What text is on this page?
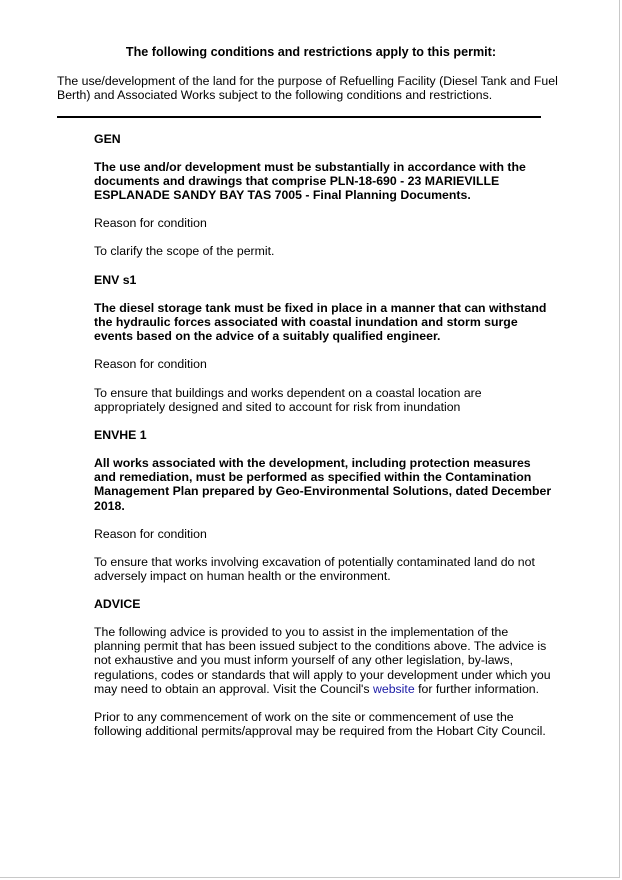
The following conditions and restrictions apply to this permit:
The use/development of the land for the purpose of Refuelling Facility (Diesel Tank and Fuel Berth) and Associated Works subject to the following conditions and restrictions.
GEN
The use and/or development must be substantially in accordance with the documents and drawings that comprise PLN-18-690 - 23 MARIEVILLE ESPLANADE SANDY BAY TAS 7005 - Final Planning Documents.
Reason for condition
To clarify the scope of the permit.
ENV s1
The diesel storage tank must be fixed in place in a manner that can withstand the hydraulic forces associated with coastal inundation and storm surge events based on the advice of a suitably qualified engineer.
Reason for condition
To ensure that buildings and works dependent on a coastal location are appropriately designed and sited to account for risk from inundation
ENVHE 1
All works associated with the development, including protection measures and remediation, must be performed as specified within the Contamination Management Plan prepared by Geo-Environmental Solutions, dated December 2018.
Reason for condition
To ensure that works involving excavation of potentially contaminated land do not adversely impact on human health or the environment.
ADVICE
The following advice is provided to you to assist in the implementation of the planning permit that has been issued subject to the conditions above. The advice is not exhaustive and you must inform yourself of any other legislation, by-laws, regulations, codes or standards that will apply to your development under which you may need to obtain an approval. Visit the Council's website for further information.
Prior to any commencement of work on the site or commencement of use the following additional permits/approval may be required from the Hobart City Council.
